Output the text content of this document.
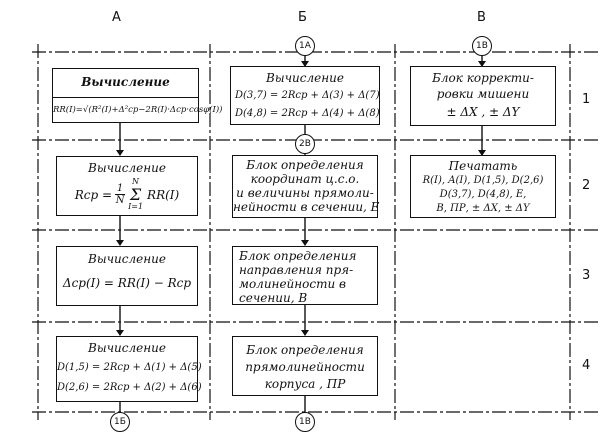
А	Б	В
1
2
3
4
1А	1В
2В
1Б	1В
Вычисление
RR(I)=√(R²(I)+Δ²ср−2R(I)·Δср·cosφ(I))
Вычисление
D(3,7) = 2Rср + Δ(3) + Δ(7)
D(4,8) = 2Rср + Δ(4) + Δ(8)
Блок корректи-
ровки мишени
± ΔX , ± ΔY
Вычисление
Rср = 1
N
N
Σ
I=1
RR(I)
Блок определения
координат ц.с.о.
и величины прямоли-
нейности в сечении, E
Печатать
R(I), A(I), D(1,5), D(2,6)
D(3,7), D(4,8), E,
B, ПР, ± ΔX, ± ΔY
Вычисление
Δср(I) = RR(I) − Rср
Блок определения
направления пря-
молинейности в
сечении, B
Вычисление
D(1,5) = 2Rср + Δ(1) + Δ(5)
D(2,6) = 2Rср + Δ(2) + Δ(6)
Блок определения
прямолинейности
корпуса , ПР
